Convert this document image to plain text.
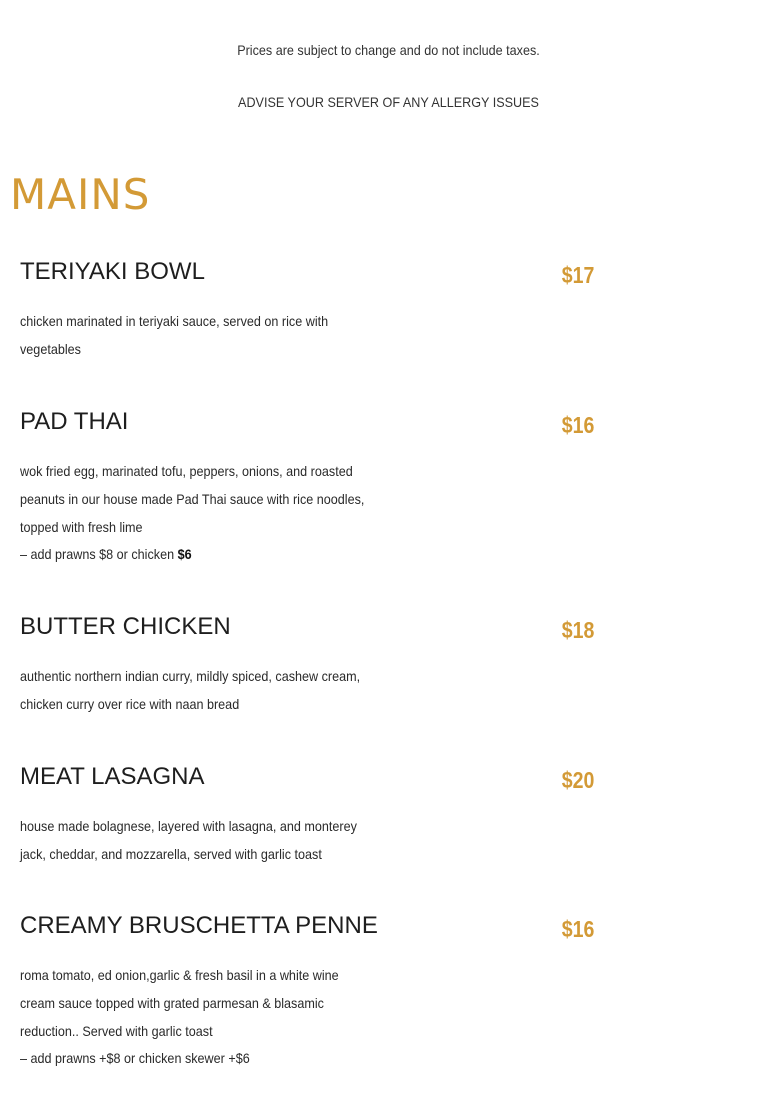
Prices are subject to change and do not include taxes.
ADVISE YOUR SERVER OF ANY ALLERGY ISSUES
MAINS
TERIYAKI BOWL	$17

chicken marinated in teriyaki sauce, served on rice with

vegetables

PAD THAI	$16

wok fried egg, marinated tofu, peppers, onions, and roasted

peanuts in our house made Pad Thai sauce with rice noodles,

topped with fresh lime

– add prawns $8 or chicken $6

BUTTER CHICKEN	$18

authentic northern indian curry, mildly spiced, cashew cream,

chicken curry over rice with naan bread

MEAT LASAGNA	$20

house made bolagnese, layered with lasagna, and monterey

jack, cheddar, and mozzarella, served with garlic toast

CREAMY BRUSCHETTA PENNE	$16

roma tomato, ed onion,garlic & fresh basil in a white wine

cream sauce topped with grated parmesan & blasamic

reduction.. Served with garlic toast

– add prawns +$8 or chicken skewer +$6
